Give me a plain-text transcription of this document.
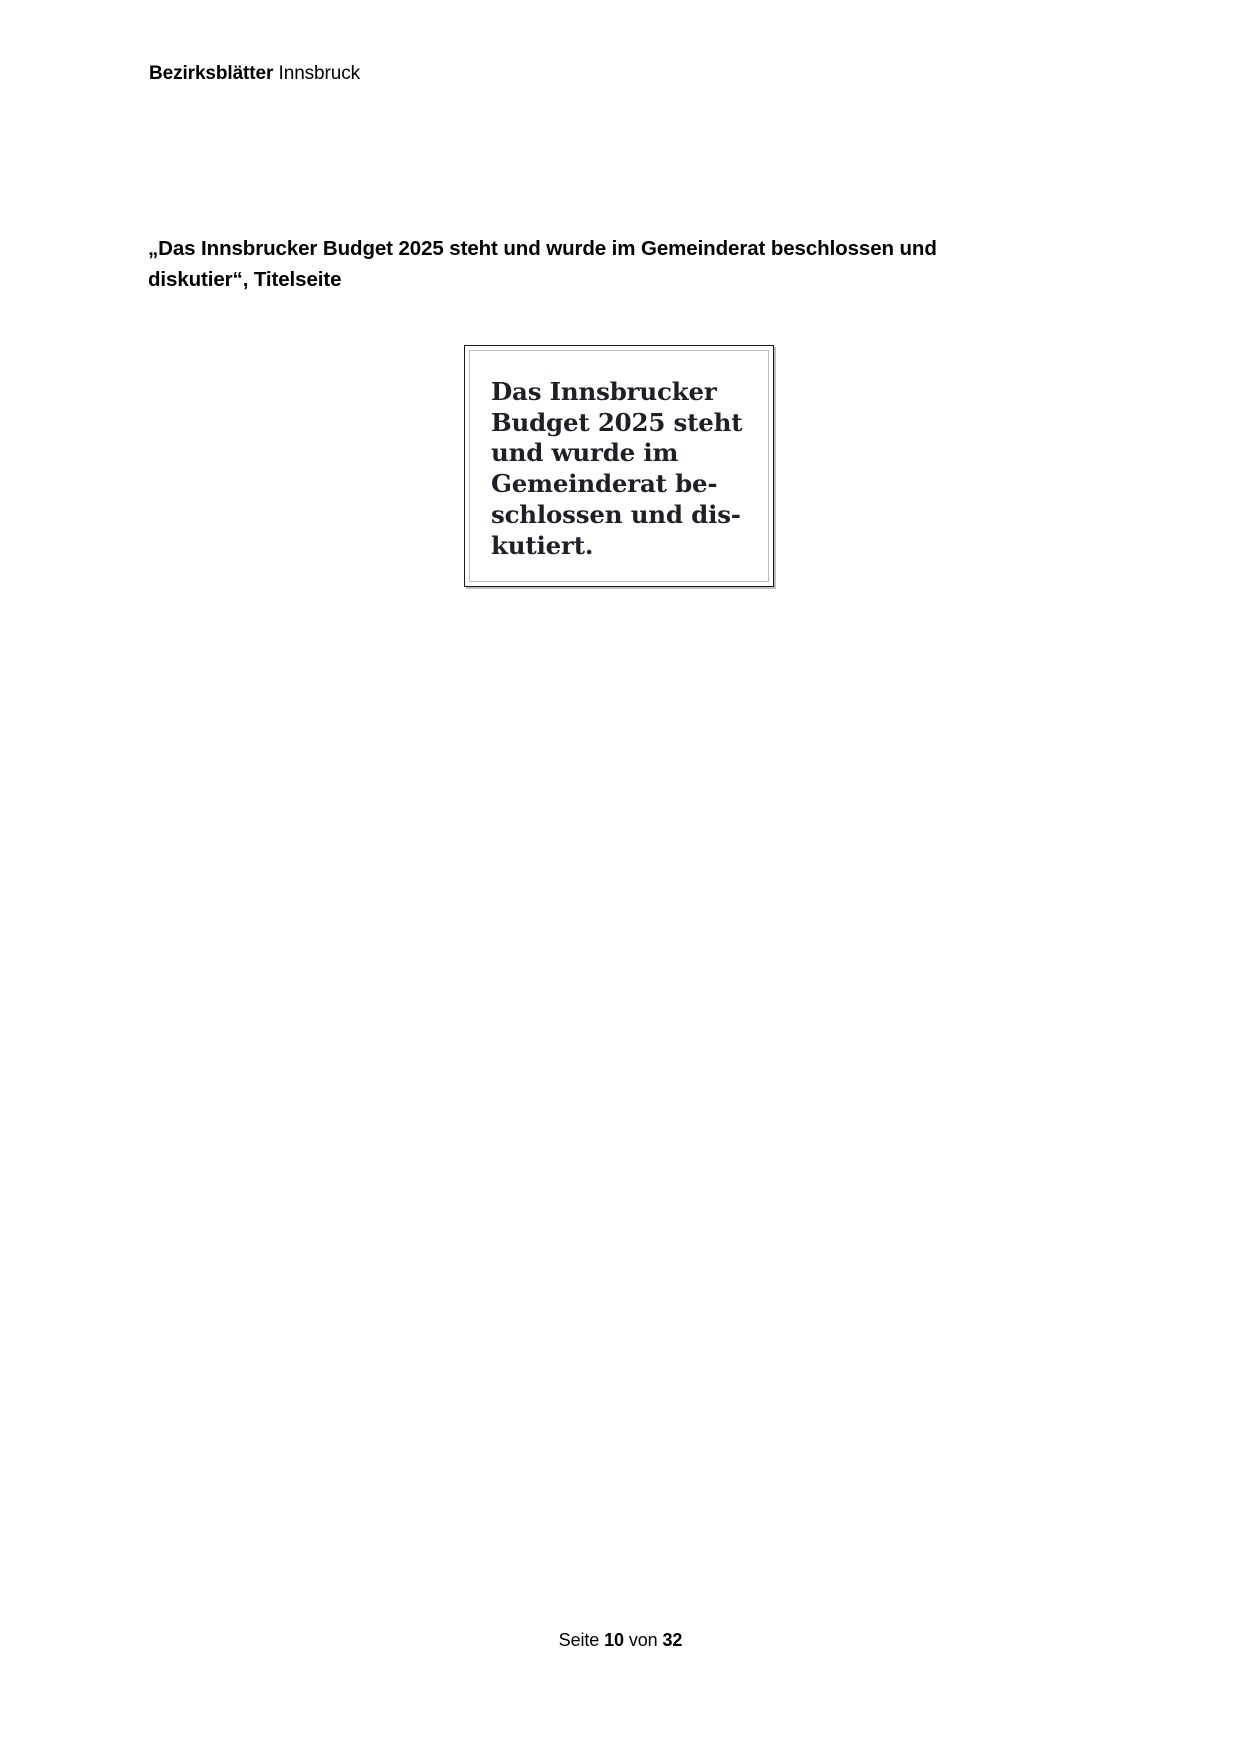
Bezirksblätter Innsbruck
„Das Innsbrucker Budget 2025 steht und wurde im Gemeinderat beschlossen und diskutier“, Titelseite
Das Innsbrucker
Budget 2025 steht
und wurde im
Gemeinderat be-
schlossen und dis-
kutiert.
Seite 10 von 32
